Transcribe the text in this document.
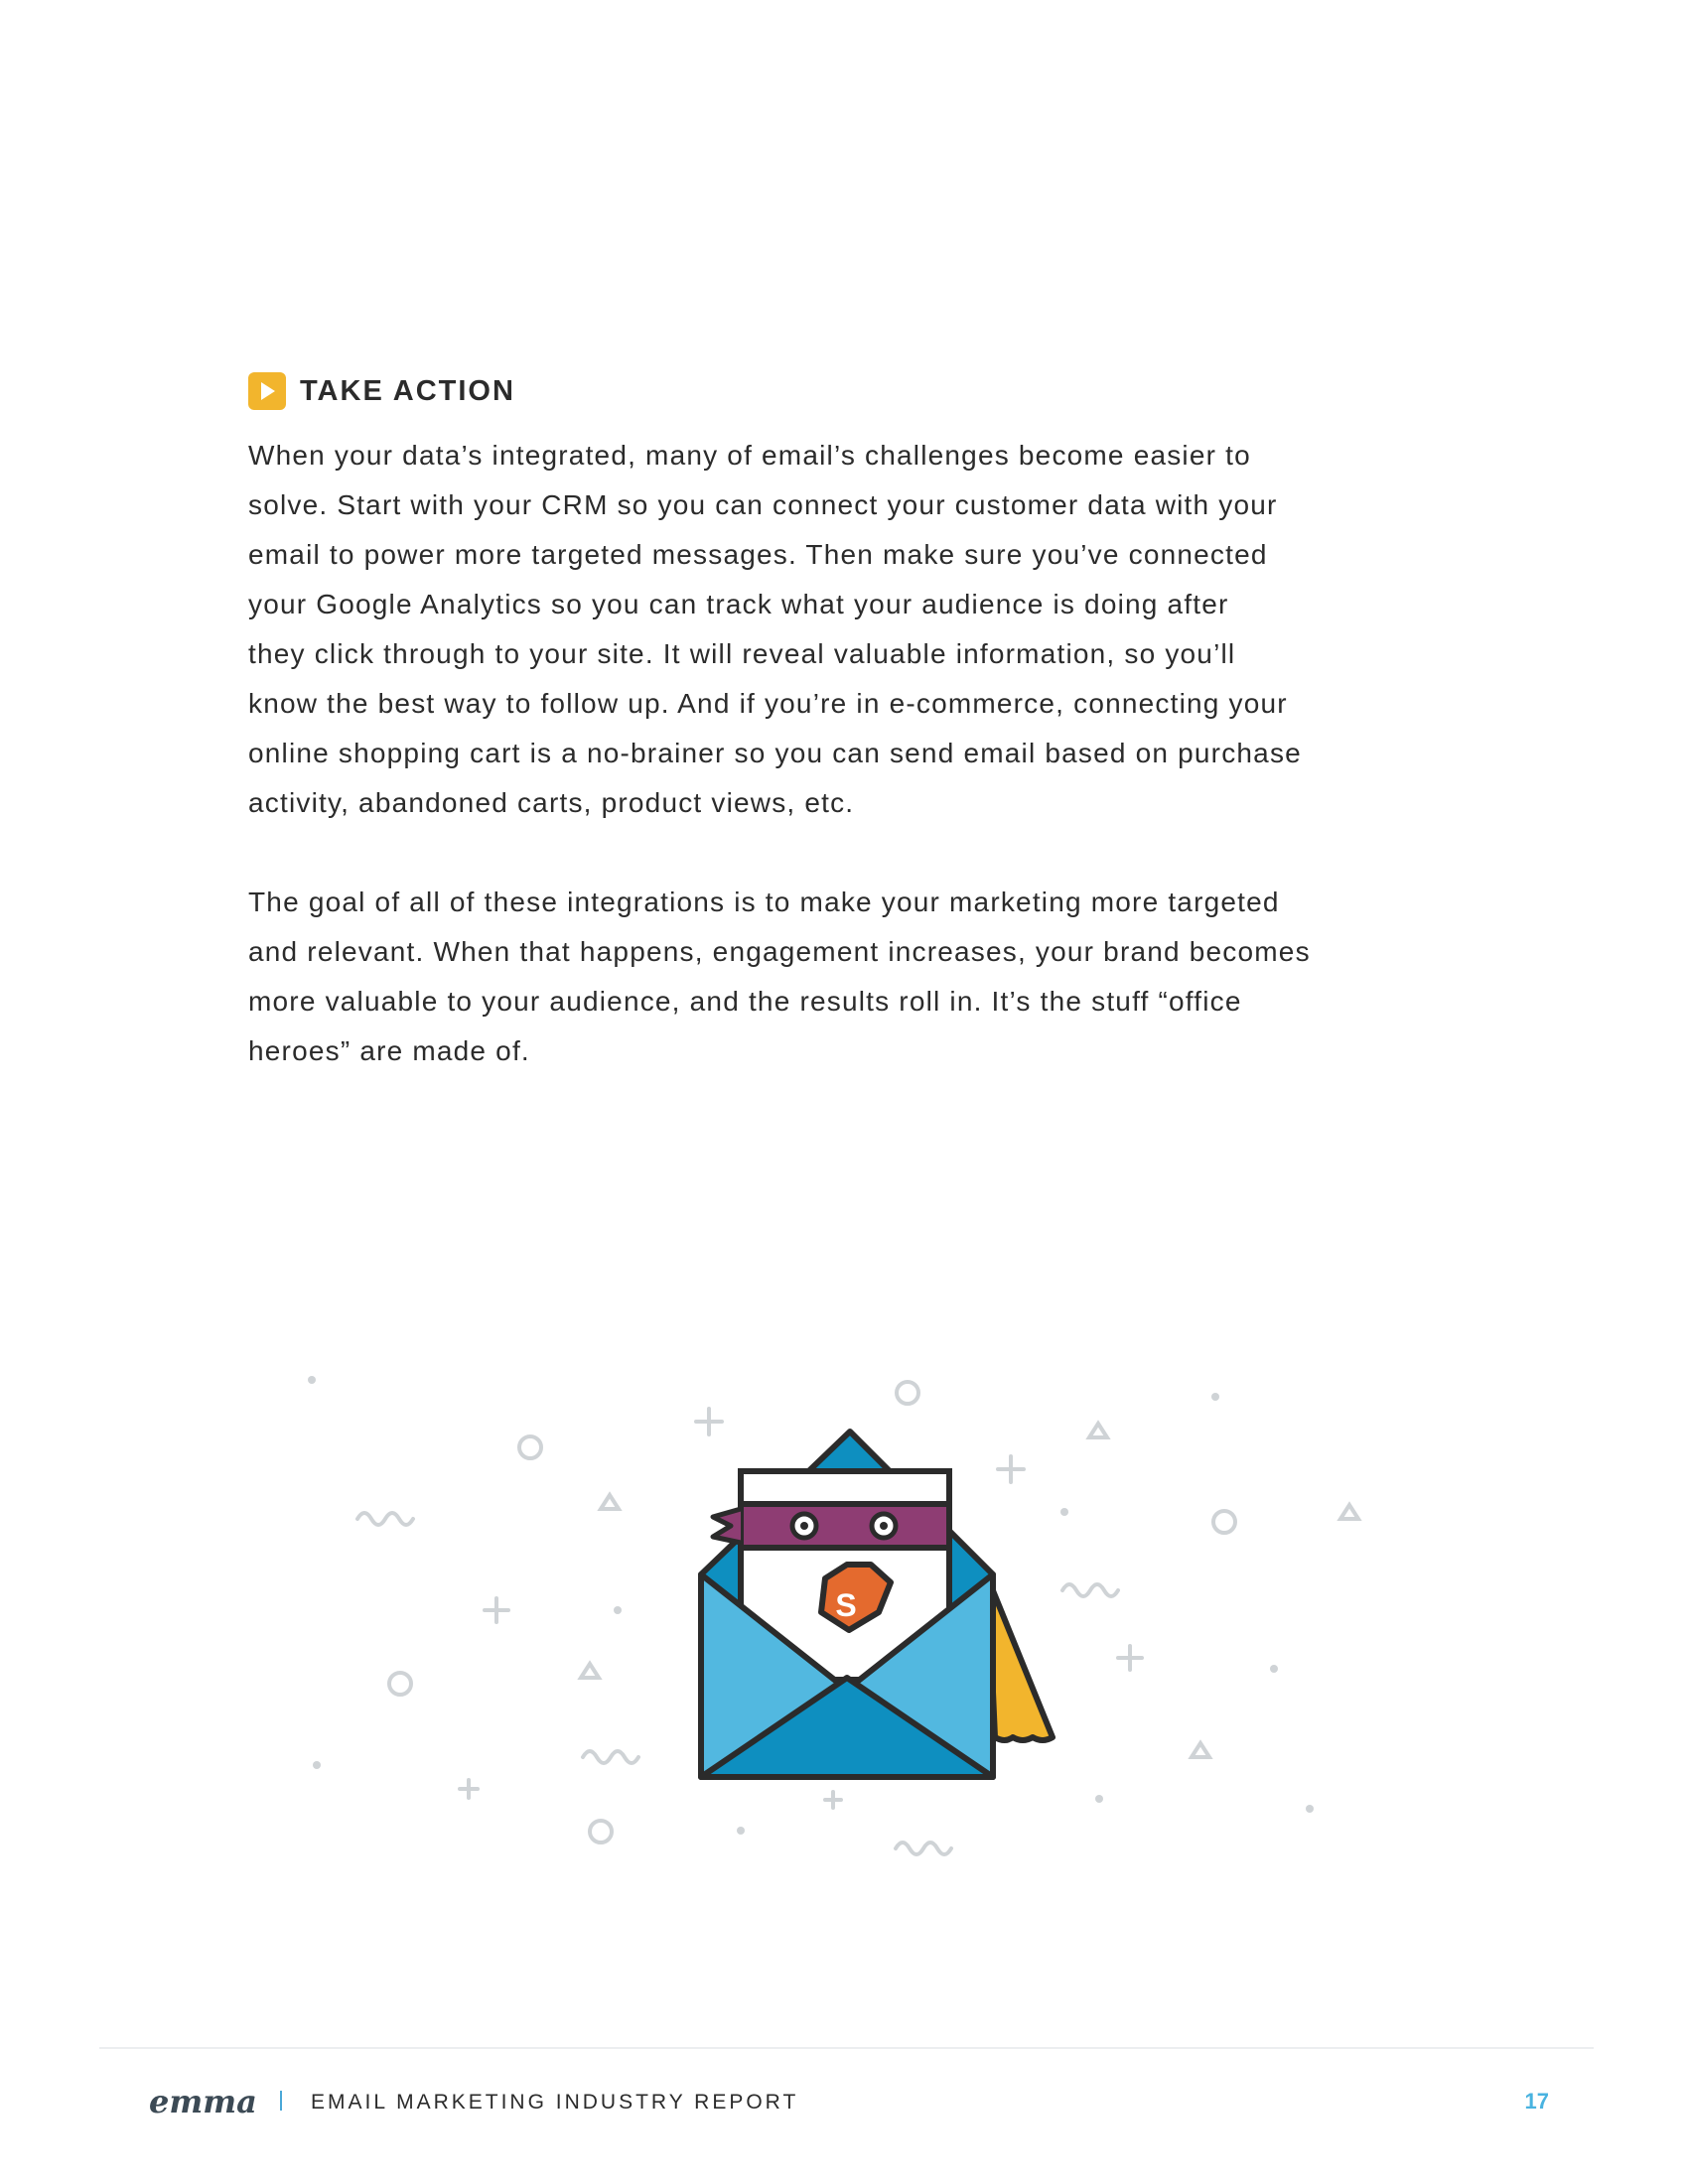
TAKE ACTION

When your data’s integrated, many of email’s challenges become easier to
solve. Start with your CRM so you can connect your customer data with your
email to power more targeted messages. Then make sure you’ve connected
your Google Analytics so you can track what your audience is doing after
they click through to your site. It will reveal valuable information, so you’ll
know the best way to follow up. And if you’re in e-commerce, connecting your
online shopping cart is a no-brainer so you can send email based on purchase
activity, abandoned carts, product views, etc.

The goal of all of these integrations is to make your marketing more targeted
and relevant. When that happens, engagement increases, your brand becomes
more valuable to your audience, and the results roll in. It’s the stuff “office
heroes” are made of.

S
emma	EMAIL MARKETING INDUSTRY REPORT	17
